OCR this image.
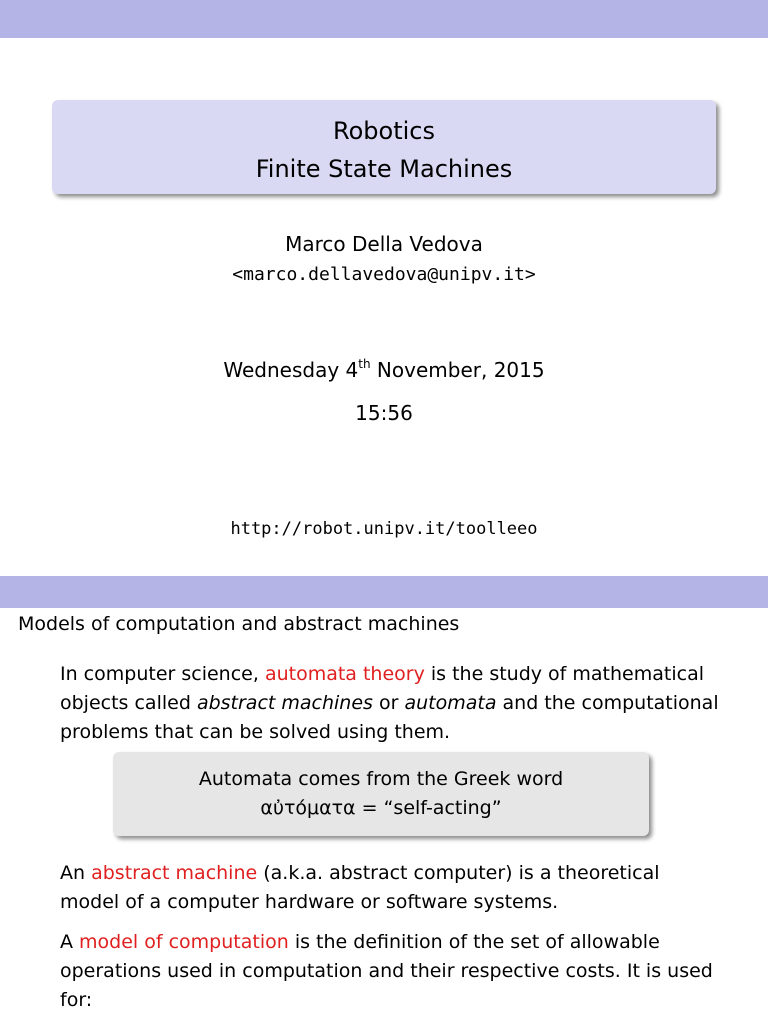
Robotics
Finite State Machines
Marco Della Vedova
<marco.dellavedova@unipv.it>
Wednesday 4th November, 2015
15:56
http://robot.unipv.it/toolleeo
Models of computation and abstract machines
In computer science, automata theory is the study of mathematical objects called abstract machines or automata and the computational problems that can be solved using them.
Automata comes from the Greek word
αὐτόματα = “self-acting”
An abstract machine (a.k.a. abstract computer) is a theoretical model of a computer hardware or software systems.
A model of computation is the definition of the set of allowable operations used in computation and their respective costs. It is used for:
